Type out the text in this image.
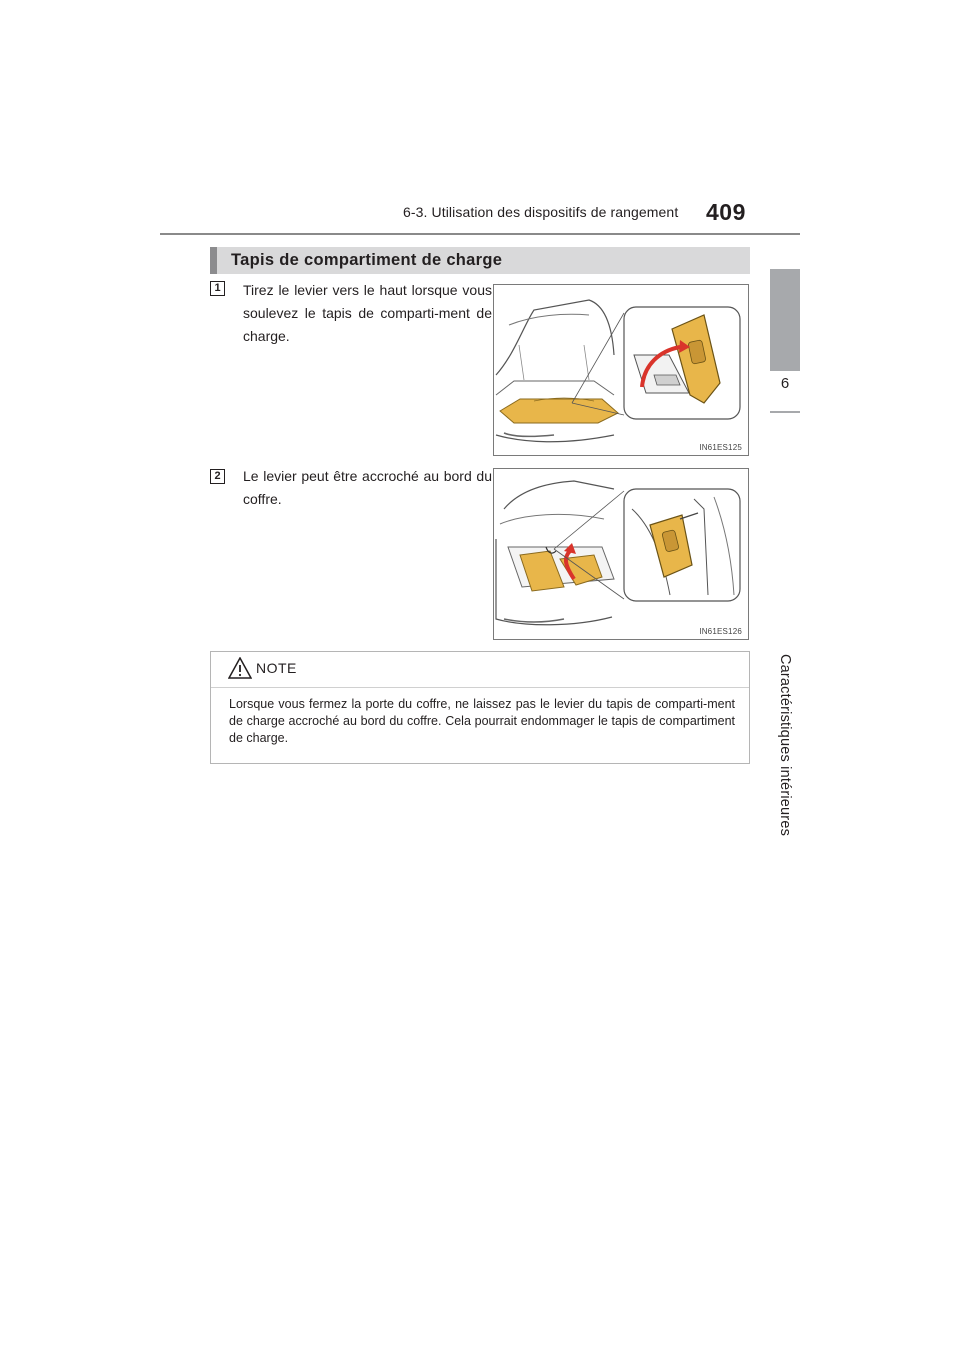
6-3. Utilisation des dispositifs de rangement 409
6
Caractéristiques intérieures
Tapis de compartiment de charge
1	Tirez le levier vers le haut lorsque vous soulevez le tapis de comparti-ment de charge.
IN61ES125
2	Le levier peut être accroché au bord du coffre.
IN61ES126
NOTE
Lorsque vous fermez la porte du coffre, ne laissez pas le levier du tapis de comparti-ment de charge accroché au bord du coffre. Cela pourrait endommager le tapis de compartiment de charge.
